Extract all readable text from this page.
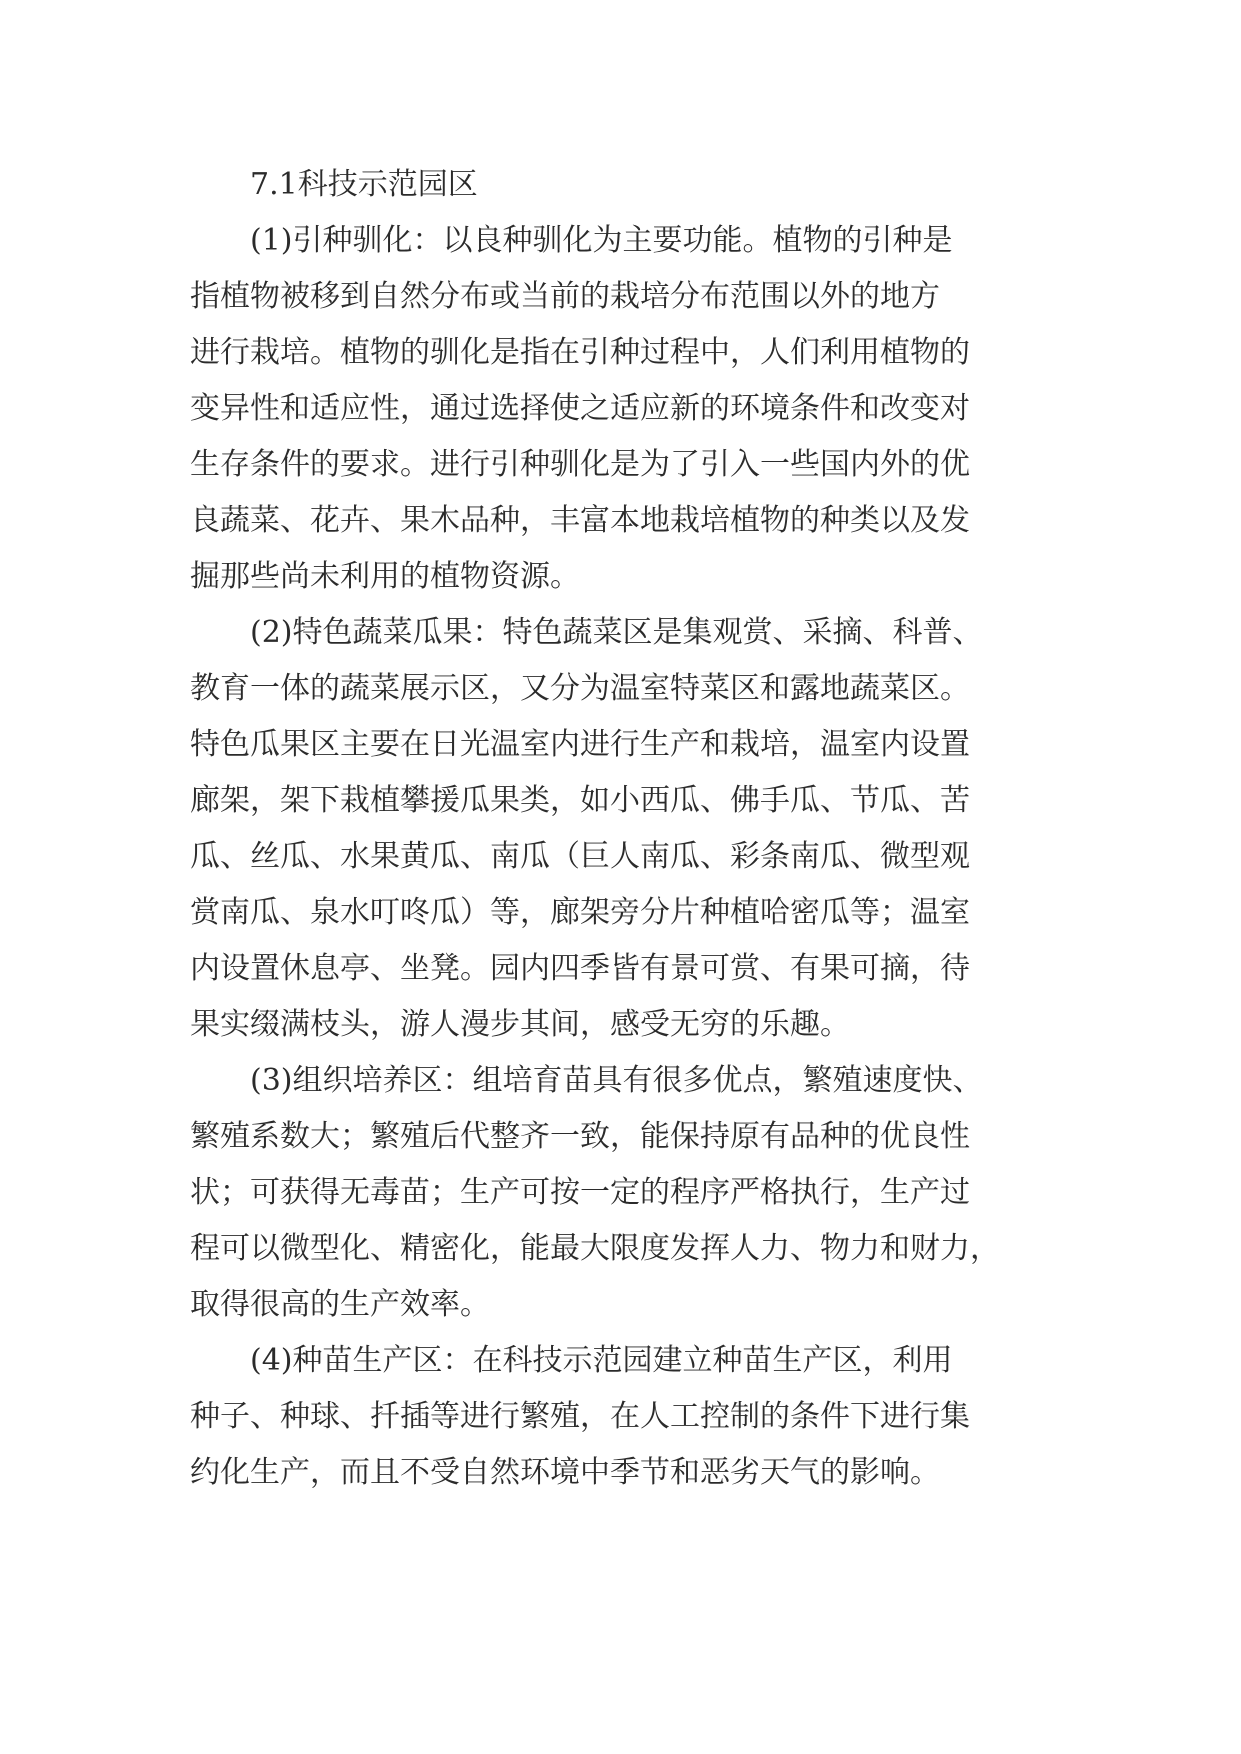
7.1科技示范园区
(1)引种驯化：以良种驯化为主要功能。植物的引种是
指植物被移到自然分布或当前的栽培分布范围以外的地方
进行栽培。植物的驯化是指在引种过程中，人们利用植物的
变异性和适应性，通过选择使之适应新的环境条件和改变对
生存条件的要求。进行引种驯化是为了引入一些国内外的优
良蔬菜、花卉、果木品种，丰富本地栽培植物的种类以及发
掘那些尚未利用的植物资源。
(2)特色蔬菜瓜果：特色蔬菜区是集观赏、采摘、科普、
教育一体的蔬菜展示区，又分为温室特菜区和露地蔬菜区。
特色瓜果区主要在日光温室内进行生产和栽培，温室内设置
廊架，架下栽植攀援瓜果类，如小西瓜、佛手瓜、节瓜、苦
瓜、丝瓜、水果黄瓜、南瓜（巨人南瓜、彩条南瓜、微型观
赏南瓜、泉水叮咚瓜）等，廊架旁分片种植哈密瓜等；温室
内设置休息亭、坐凳。园内四季皆有景可赏、有果可摘，待
果实缀满枝头，游人漫步其间，感受无穷的乐趣。
(3)组织培养区：组培育苗具有很多优点，繁殖速度快、
繁殖系数大；繁殖后代整齐一致，能保持原有品种的优良性
状；可获得无毒苗；生产可按一定的程序严格执行，生产过
程可以微型化、精密化，能最大限度发挥人力、物力和财力，
取得很高的生产效率。
(4)种苗生产区：在科技示范园建立种苗生产区，利用
种子、种球、扦插等进行繁殖，在人工控制的条件下进行集
约化生产，而且不受自然环境中季节和恶劣天气的影响。
